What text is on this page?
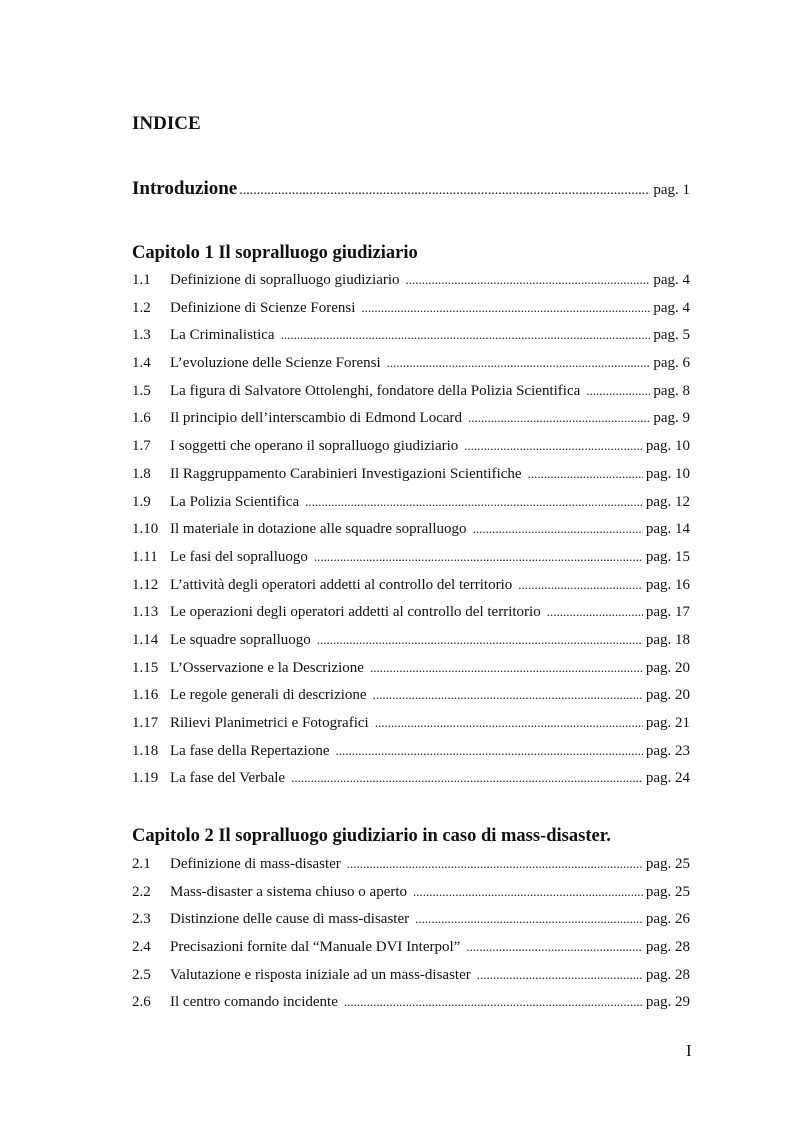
INDICE
Introduzione .....	pag. 1
Capitolo 1 Il sopralluogo giudiziario
1.1	Definizione di sopralluogo giudiziario .....	pag. 4
1.2	Definizione di Scienze Forensi .....	pag. 4
1.3	La Criminalistica .....	pag. 5
1.4	L’evoluzione delle Scienze Forensi .....	pag. 6
1.5	La figura di Salvatore Ottolenghi, fondatore della Polizia Scientifica .....	pag. 8
1.6	Il principio dell’interscambio di Edmond Locard .....	pag. 9
1.7	I soggetti che operano il sopralluogo giudiziario .....	pag. 10
1.8	Il Raggruppamento Carabinieri Investigazioni Scientifiche .....	pag. 10
1.9	La Polizia Scientifica .....	pag. 12
1.10 Il materiale in dotazione alle squadre sopralluogo .....	pag. 14
1.11 Le fasi del sopralluogo .....	pag. 15
1.12 L’attività degli operatori addetti al controllo del territorio .....	pag. 16
1.13 Le operazioni degli operatori addetti al controllo del territorio .....	pag. 17
1.14 Le squadre sopralluogo .....	pag. 18
1.15 L’Osservazione e la Descrizione .....	pag. 20
1.16 Le regole generali di descrizione .....	pag. 20
1.17 Rilievi Planimetrici e Fotografici .....	pag. 21
1.18 La fase della Repertazione .....	pag. 23
1.19 La fase del Verbale .....	pag. 24
Capitolo 2 Il sopralluogo giudiziario in caso di mass-disaster.
2.1	Definizione di mass-disaster .....	pag. 25
2.2	Mass-disaster a sistema chiuso o aperto .....	pag. 25
2.3	Distinzione delle cause di mass-disaster .....	pag. 26
2.4	Precisazioni fornite dal “Manuale DVI Interpol” .....	pag. 28
2.5	Valutazione e risposta iniziale ad un mass-disaster .....	pag. 28
2.6	Il centro comando incidente .....	pag. 29
I
